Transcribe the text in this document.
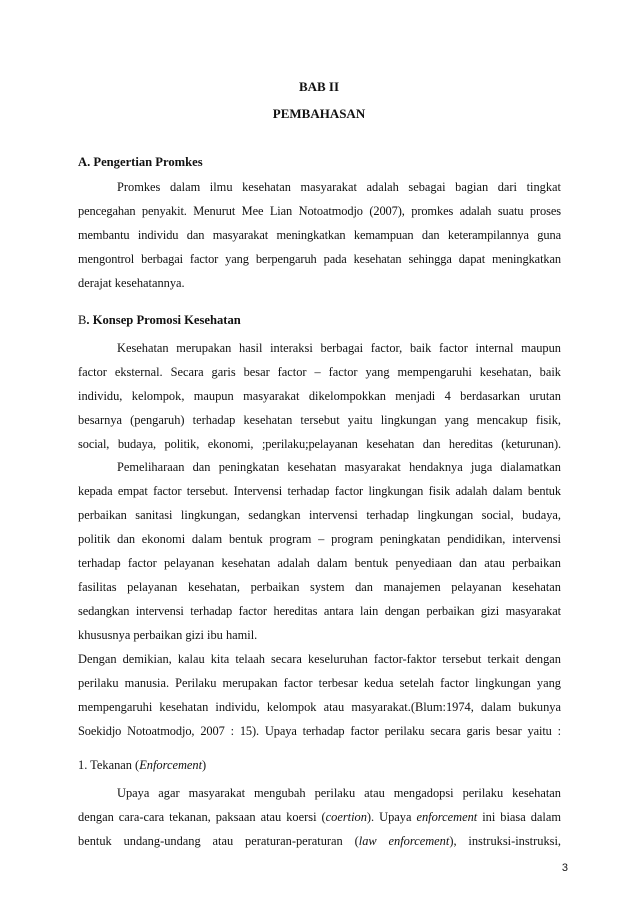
BAB II
PEMBAHASAN
A. Pengertian Promkes
Promkes dalam ilmu kesehatan masyarakat adalah sebagai bagian dari tingkat
pencegahan penyakit. Menurut Mee Lian Notoatmodjo (2007), promkes adalah suatu proses
membantu individu dan masyarakat meningkatkan kemampuan dan keterampilannya guna
mengontrol berbagai factor yang berpengaruh pada kesehatan sehingga dapat meningkatkan
derajat kesehatannya.
B. Konsep Promosi Kesehatan
Kesehatan merupakan hasil interaksi berbagai factor, baik factor internal maupun
factor eksternal. Secara garis besar factor – factor yang mempengaruhi kesehatan, baik
individu, kelompok, maupun masyarakat dikelompokkan menjadi 4 berdasarkan urutan
besarnya (pengaruh) terhadap kesehatan tersebut yaitu lingkungan yang mencakup fisik,
social, budaya, politik, ekonomi, ;perilaku;pelayanan kesehatan dan hereditas (keturunan).
Pemeliharaan dan peningkatan kesehatan masyarakat hendaknya juga dialamatkan
kepada empat factor tersebut. Intervensi terhadap factor lingkungan fisik adalah dalam bentuk
perbaikan sanitasi lingkungan, sedangkan intervensi terhadap lingkungan social, budaya,
politik dan ekonomi dalam bentuk program – program peningkatan pendidikan, intervensi
terhadap factor pelayanan kesehatan adalah dalam bentuk penyediaan dan atau perbaikan
fasilitas pelayanan kesehatan, perbaikan system dan manajemen pelayanan kesehatan
sedangkan intervensi terhadap factor hereditas antara lain dengan perbaikan gizi masyarakat
khususnya perbaikan gizi ibu hamil.
Dengan demikian, kalau kita telaah secara keseluruhan factor-faktor tersebut terkait dengan
perilaku manusia. Perilaku merupakan factor terbesar kedua setelah factor lingkungan yang
mempengaruhi kesehatan individu, kelompok atau masyarakat.(Blum:1974, dalam bukunya
Soekidjo Notoatmodjo, 2007 : 15). Upaya terhadap factor perilaku secara garis besar yaitu :
1. Tekanan (Enforcement)
Upaya agar masyarakat mengubah perilaku atau mengadopsi perilaku kesehatan
dengan cara-cara tekanan, paksaan atau koersi (coertion). Upaya enforcement ini biasa dalam
bentuk undang-undang atau peraturan-peraturan (law enforcement), instruksi-instruksi,
3
